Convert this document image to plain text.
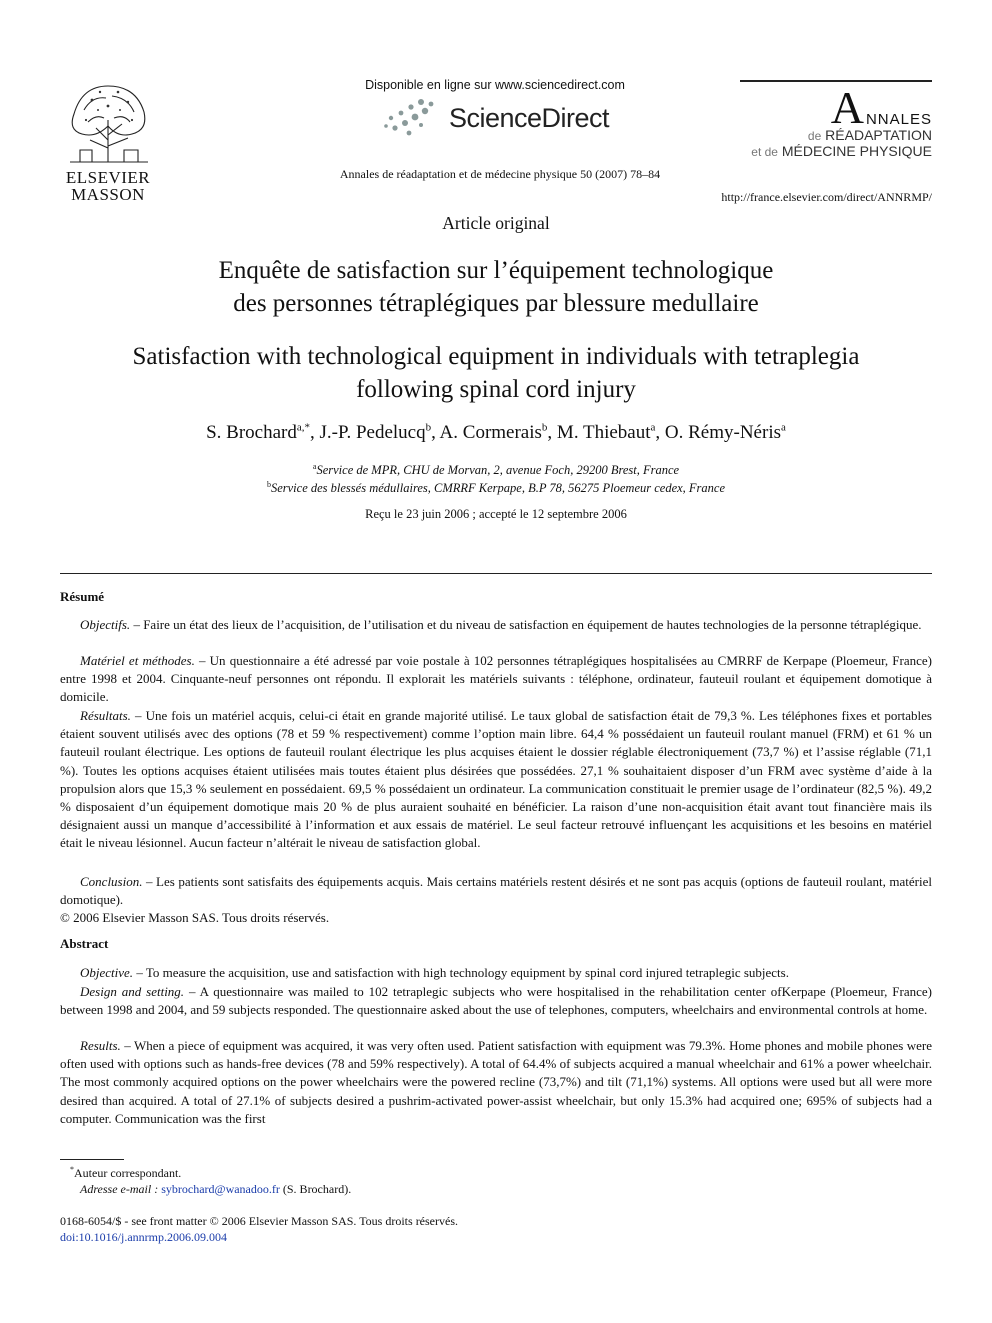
ELSEVIER
MASSON
Disponible en ligne sur www.sciencedirect.com
ScienceDirect
Annales de réadaptation et de médecine physique 50 (2007) 78–84
A NNALES
de RÉADAPTATION
et de MÉDECINE PHYSIQUE
http://france.elsevier.com/direct/ANNRMP/
Article original
Enquête de satisfaction sur l’équipement technologique
des personnes tétraplégiques par blessure medullaire
Satisfaction with technological equipment in individuals with tetraplegia
following spinal cord injury
S. Brochard$^{a,*}$, J.-P. Pedelucq$^b$, A. Cormerais$^b$, M. Thiebaut$^a$, O. Rémy-Néris$^a$
$^a$Service de MPR, CHU de Morvan, 2, avenue Foch, 29200 Brest, France
$^b$Service des blessés médullaires, CMRRF Kerpape, B.P 78, 56275 Ploemeur cedex, France
Reçu le 23 juin 2006 ; accepté le 12 septembre 2006
Résumé

Objectifs. – Faire un état des lieux de l’acquisition, de l’utilisation et du niveau de satisfaction en équipement de hautes technologies de la personne tétraplégique.

Matériel et méthodes. – Un questionnaire a été adressé par voie postale à 102 personnes tétraplégiques hospitalisées au CMRRF de Kerpape (Ploemeur, France) entre 1998 et 2004. Cinquante-neuf personnes ont répondu. Il explorait les matériels suivants : téléphone, ordinateur, fauteuil roulant et équipement domotique à domicile.

Résultats. – Une fois un matériel acquis, celui-ci était en grande majorité utilisé. Le taux global de satisfaction était de 79,3 %. Les téléphones fixes et portables étaient souvent utilisés avec des options (78 et 59 % respectivement) comme l’option main libre. 64,4 % possédaient un fauteuil roulant manuel (FRM) et 61 % un fauteuil roulant électrique. Les options de fauteuil roulant électrique les plus acquises étaient le dossier réglable électroniquement (73,7 %) et l’assise réglable (71,1 %). Toutes les options acquises étaient utilisées mais toutes étaient plus désirées que possédées. 27,1 % souhaitaient disposer d’un FRM avec système d’aide à la propulsion alors que 15,3 % seulement en possédaient. 69,5 % possédaient un ordinateur. La communication constituait le premier usage de l’ordinateur (82,5 %). 49,2 % disposaient d’un équipement domotique mais 20 % de plus auraient souhaité en bénéficier. La raison d’une non-acquisition était avant tout financière mais ils désignaient aussi un manque d’accessibilité à l’information et aux essais de matériel. Le seul facteur retrouvé influençant les acquisitions et les besoins en matériel était le niveau lésionnel. Aucun facteur n’altérait le niveau de satisfaction global.

Conclusion. – Les patients sont satisfaits des équipements acquis. Mais certains matériels restent désirés et ne sont pas acquis (options de fauteuil roulant, matériel domotique).

© 2006 Elsevier Masson SAS. Tous droits réservés.

Abstract

Objective. – To measure the acquisition, use and satisfaction with high technology equipment by spinal cord injured tetraplegic subjects.

Design and setting. – A questionnaire was mailed to 102 tetraplegic subjects who were hospitalised in the rehabilitation center ofKerpape (Ploemeur, France) between 1998 and 2004, and 59 subjects responded. The questionnaire asked about the use of telephones, computers, wheelchairs and environmental controls at home.

Results. – When a piece of equipment was acquired, it was very often used. Patient satisfaction with equipment was 79.3%. Home phones and mobile phones were often used with options such as hands-free devices (78 and 59% respectively). A total of 64.4% of subjects acquired a manual wheelchair and 61% a power wheelchair. The most commonly acquired options on the power wheelchairs were the powered recline (73,7%) and tilt (71,1%) systems. All options were used but all were more desired than acquired. A total of 27.1% of subjects desired a pushrim-activated power-assist wheelchair, but only 15.3% had acquired one; 695% of subjects had a computer. Communication was the first

*Auteur correspondant.
Adresse e-mail : sybrochard@wanadoo.fr (S. Brochard).
0168-6054/$ - see front matter © 2006 Elsevier Masson SAS. Tous droits réservés.
doi:10.1016/j.annrmp.2006.09.004
